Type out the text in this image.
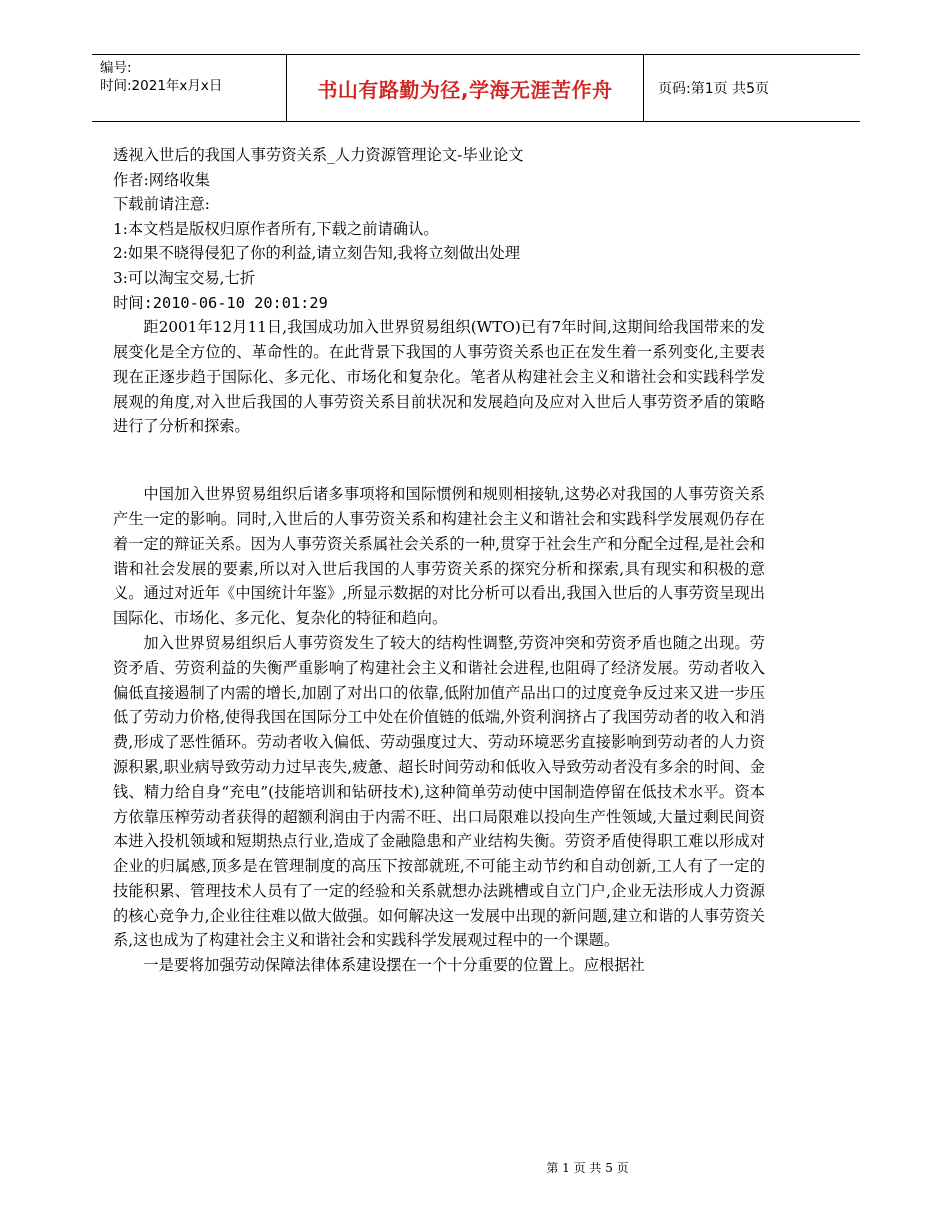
编号:
时间:2021年x月x日	书山有路勤为径,学海无涯苦作舟	页码:第1页 共5页
透视入世后的我国人事劳资关系_人力资源管理论文-毕业论文
作者:网络收集
下载前请注意:
1:本文档是版权归原作者所有,下载之前请确认。
2:如果不晓得侵犯了你的利益,请立刻告知,我将立刻做出处理
3:可以淘宝交易,七折
时间:2010-06-10 20:01:29

距2001年12月11日,我国成功加入世界贸易组织(WTO)已有7年时间,这期间给我国带来的发展变化是全方位的、革命性的。在此背景下我国的人事劳资关系也正在发生着一系列变化,主要表现在正逐步趋于国际化、多元化、市场化和复杂化。笔者从构建社会主义和谐社会和实践科学发展观的角度,对入世后我国的人事劳资关系目前状况和发展趋向及应对入世后人事劳资矛盾的策略进行了分析和探索。

中国加入世界贸易组织后诸多事项将和国际惯例和规则相接轨,这势必对我国的人事劳资关系产生一定的影响。同时,入世后的人事劳资关系和构建社会主义和谐社会和实践科学发展观仍存在着一定的辩证关系。因为人事劳资关系属社会关系的一种,贯穿于社会生产和分配全过程,是社会和谐和社会发展的要素,所以对入世后我国的人事劳资关系的探究分析和探索,具有现实和积极的意义。通过对近年《中国统计年鉴》,所显示数据的对比分析可以看出,我国入世后的人事劳资呈现出国际化、市场化、多元化、复杂化的特征和趋向。

加入世界贸易组织后人事劳资发生了较大的结构性调整,劳资冲突和劳资矛盾也随之出现。劳资矛盾、劳资利益的失衡严重影响了构建社会主义和谐社会进程,也阻碍了经济发展。劳动者收入偏低直接遏制了内需的增长,加剧了对出口的依靠,低附加值产品出口的过度竞争反过来又进一步压低了劳动力价格,使得我国在国际分工中处在价值链的低端,外资利润挤占了我国劳动者的收入和消费,形成了恶性循环。劳动者收入偏低、劳动强度过大、劳动环境恶劣直接影响到劳动者的人力资源积累,职业病导致劳动力过早丧失,疲惫、超长时间劳动和低收入导致劳动者没有多余的时间、金钱、精力给自身“充电”(技能培训和钻研技术),这种简单劳动使中国制造停留在低技术水平。资本方依靠压榨劳动者获得的超额利润由于内需不旺、出口局限难以投向生产性领域,大量过剩民间资本进入投机领域和短期热点行业,造成了金融隐患和产业结构失衡。劳资矛盾使得职工难以形成对企业的归属感,顶多是在管理制度的高压下按部就班,不可能主动节约和自动创新,工人有了一定的技能积累、管理技术人员有了一定的经验和关系就想办法跳槽或自立门户,企业无法形成人力资源的核心竞争力,企业往往难以做大做强。如何解决这一发展中出现的新问题,建立和谐的人事劳资关系,这也成为了构建社会主义和谐社会和实践科学发展观过程中的一个课题。

一是要将加强劳动保障法律体系建设摆在一个十分重要的位置上。应根据社

第 1 页 共 5 页
